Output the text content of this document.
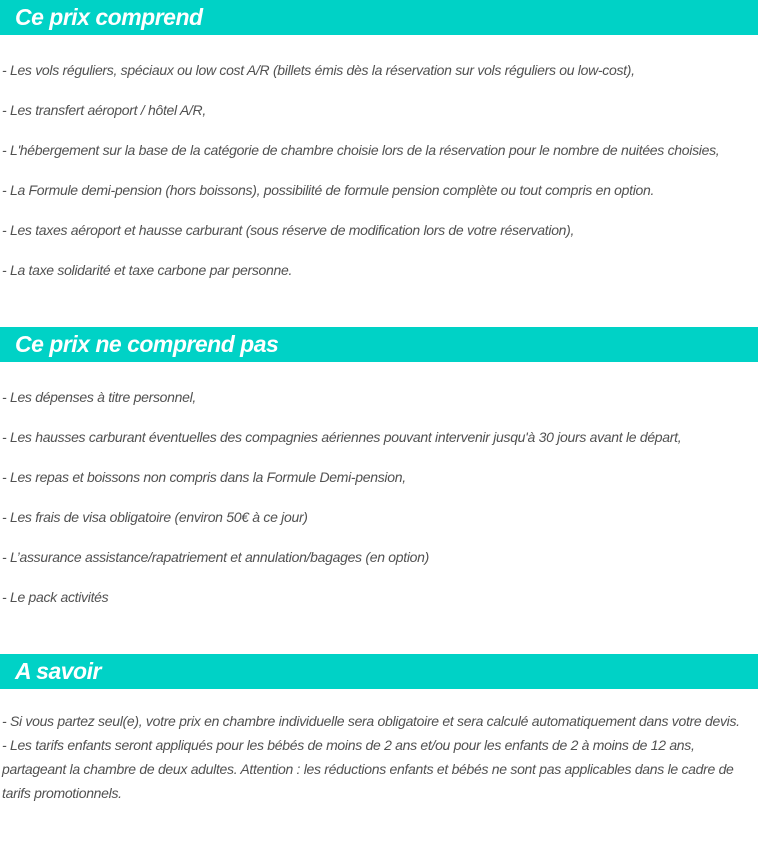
Ce prix comprend

- Les vols réguliers, spéciaux ou low cost A/R (billets émis dès la réservation sur vols réguliers ou low-cost),

- Les transfert aéroport / hôtel A/R,

- L'hébergement sur la base de la catégorie de chambre choisie lors de la réservation pour le nombre de nuitées choisies,

- La Formule demi-pension (hors boissons), possibilité de formule pension complète ou tout compris en option.

- Les taxes aéroport et hausse carburant (sous réserve de modification lors de votre réservation),

- La taxe solidarité et taxe carbone par personne.

Ce prix ne comprend pas

- Les dépenses à titre personnel,

- Les hausses carburant éventuelles des compagnies aériennes pouvant intervenir jusqu'à 30 jours avant le départ,

- Les repas et boissons non compris dans la Formule Demi-pension,

- Les frais de visa obligatoire (environ 50€ à ce jour)

- L’assurance assistance/rapatriement et annulation/bagages (en option)

- Le pack activités

A savoir

- Si vous partez seul(e), votre prix en chambre individuelle sera obligatoire et sera calculé automatiquement dans votre devis.

- Les tarifs enfants seront appliqués pour les bébés de moins de 2 ans et/ou pour les enfants de 2 à moins de 12 ans, partageant la chambre de deux adultes. Attention : les réductions enfants et bébés ne sont pas applicables dans le cadre de tarifs promotionnels.
